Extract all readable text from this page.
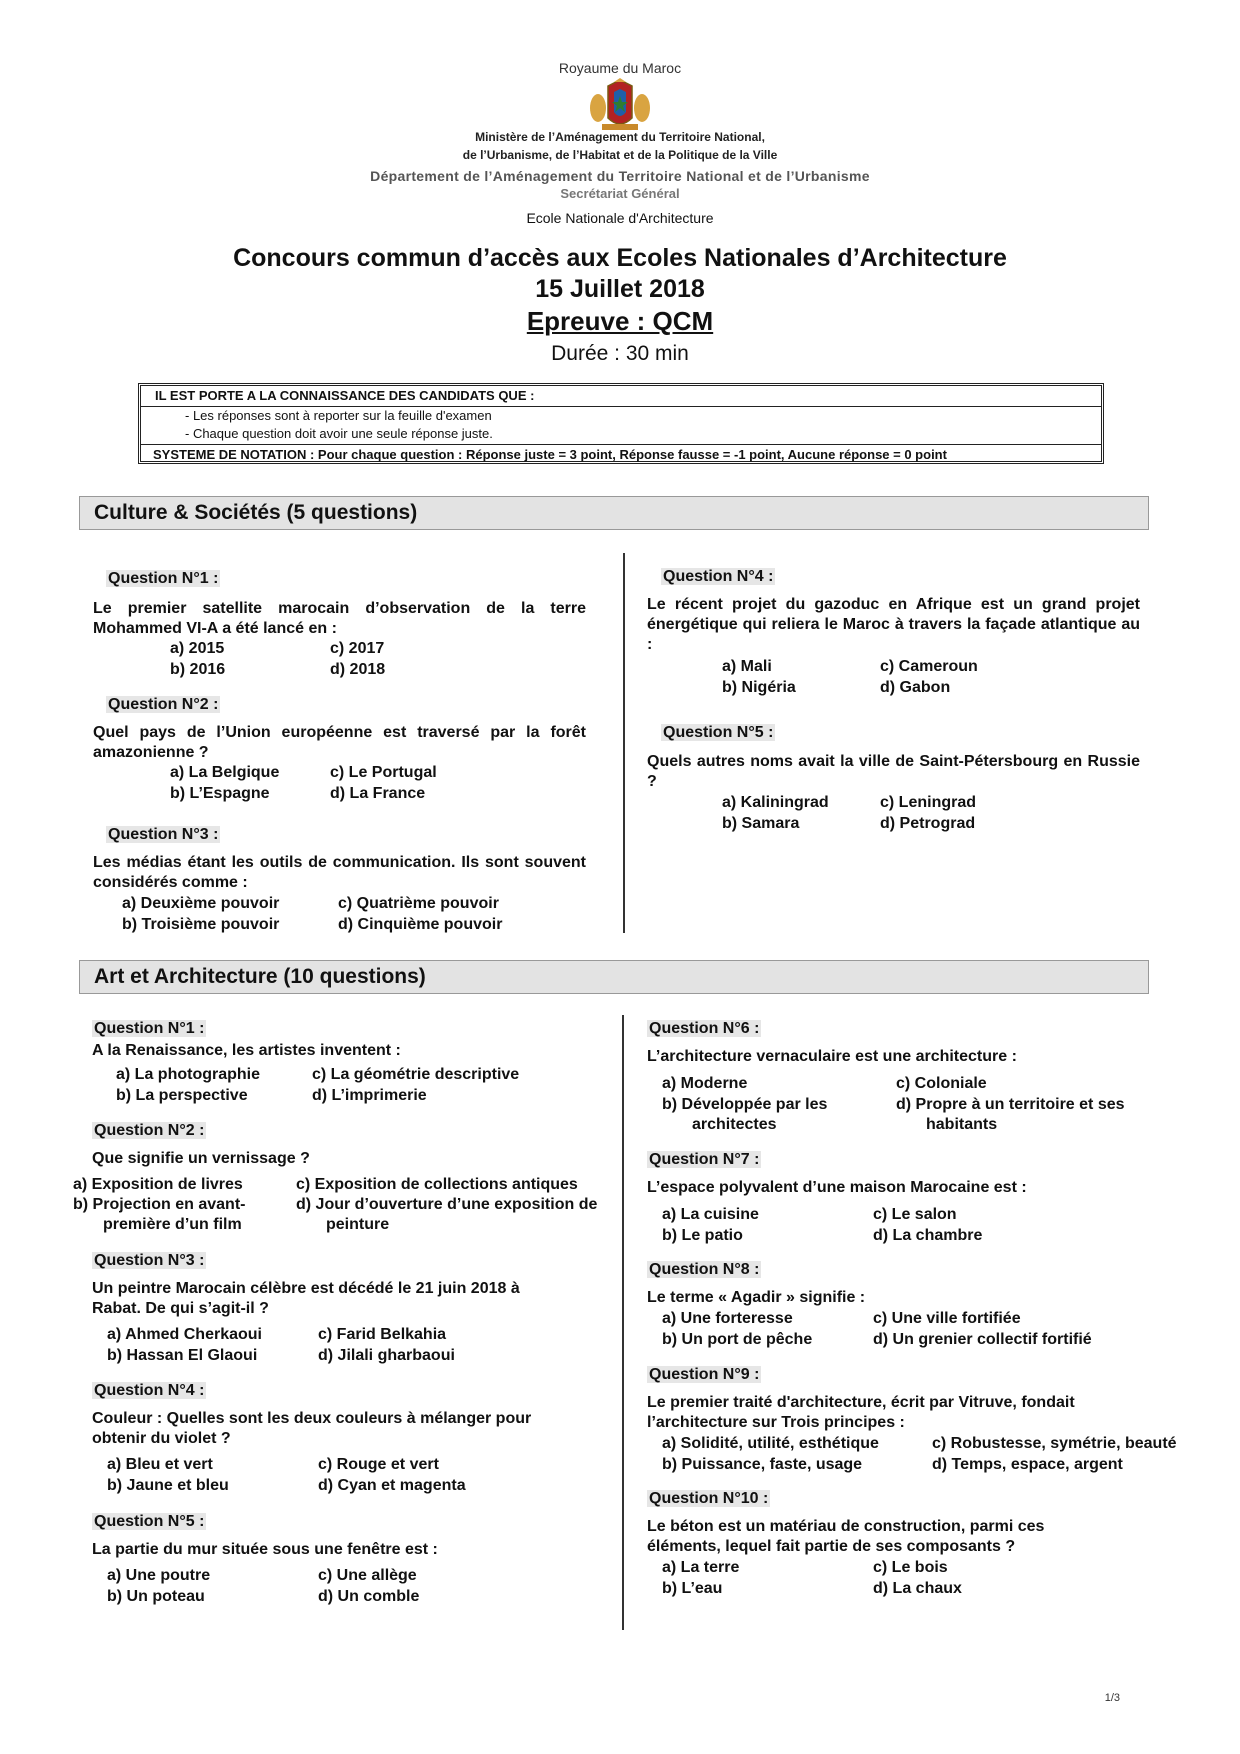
Royaume du Maroc
Ministère de l’Aménagement du Territoire National,
de l’Urbanisme, de l’Habitat et de la Politique de la Ville
Département de l’Aménagement du Territoire National et de l’Urbanisme
Secrétariat Général
Ecole Nationale d'Architecture
Concours commun d’accès aux Ecoles Nationales d’Architecture
15 Juillet 2018
Epreuve : QCM
Durée : 30 min
IL EST PORTE A LA CONNAISSANCE DES CANDIDATS QUE :
- Les réponses sont à reporter sur la feuille d'examen
- Chaque question doit avoir une seule réponse juste.
SYSTEME DE NOTATION : Pour chaque question : Réponse juste = 3 point, Réponse fausse = -1 point, Aucune réponse = 0 point
Culture & Sociétés (5 questions)
Question N°1 :
Le premier satellite marocain d’observation de la terre Mohammed VI-A a été lancé en :
a) 2015
b) 2016
c) 2017
d) 2018
Question N°2 :
Quel pays de l’Union européenne est traversé par la forêt amazonienne ?
a) La Belgique
b) L’Espagne
c) Le Portugal
d) La France
Question N°3 :
Les médias étant les outils de communication. Ils sont souvent considérés comme :
a) Deuxième pouvoir
b) Troisième pouvoir
c) Quatrième pouvoir
d) Cinquième pouvoir
Question N°4 :
Le récent projet du gazoduc en Afrique est un grand projet énergétique qui reliera le Maroc à travers la façade atlantique au :
a) Mali
b) Nigéria
c) Cameroun
d) Gabon
Question N°5 :
Quels autres noms avait la ville de Saint-Pétersbourg en Russie ?
a) Kaliningrad
b) Samara
c) Leningrad
d) Petrograd
Art et Architecture (10 questions)
Question N°1 :
A la Renaissance, les artistes inventent :
a) La photographie
b) La perspective
c) La géométrie descriptive
d) L’imprimerie
Question N°2 :
Que signifie un vernissage ?
a) Exposition de livres
b) Projection en avant-première d’un film
c) Exposition de collections antiques
d) Jour d’ouverture d’une exposition de peinture
Question N°3 :
Un peintre Marocain célèbre est décédé le 21 juin 2018 à Rabat. De qui s’agit-il ?
a) Ahmed Cherkaoui
b) Hassan El Glaoui
c) Farid Belkahia
d) Jilali gharbaoui
Question N°4 :
Couleur : Quelles sont les deux couleurs à mélanger pour obtenir du violet ?
a) Bleu et vert
b) Jaune et bleu
c) Rouge et vert
d) Cyan et magenta
Question N°5 :
La partie du mur située sous une fenêtre est :
a) Une poutre
b) Un poteau
c) Une allège
d) Un comble
Question N°6 :
L’architecture vernaculaire est une architecture :
a) Moderne
b) Développée par les architectes
c) Coloniale
d) Propre à un territoire et ses habitants
Question N°7 :
L’espace polyvalent d’une maison Marocaine est :
a) La cuisine
b) Le patio
c) Le salon
d) La chambre
Question N°8 :
Le terme « Agadir » signifie :
a) Une forteresse
b) Un port de pêche
c) Une ville fortifiée
d) Un grenier collectif fortifié
Question N°9 :
Le premier traité d'architecture, écrit par Vitruve, fondait l’architecture sur Trois principes :
a) Solidité, utilité, esthétique
b) Puissance, faste, usage
c) Robustesse, symétrie, beauté
d) Temps, espace, argent
Question N°10 :
Le béton est un matériau de construction, parmi ces éléments, lequel fait partie de ses composants ?
a) La terre
b) L’eau
c) Le bois
d) La chaux
1/3
